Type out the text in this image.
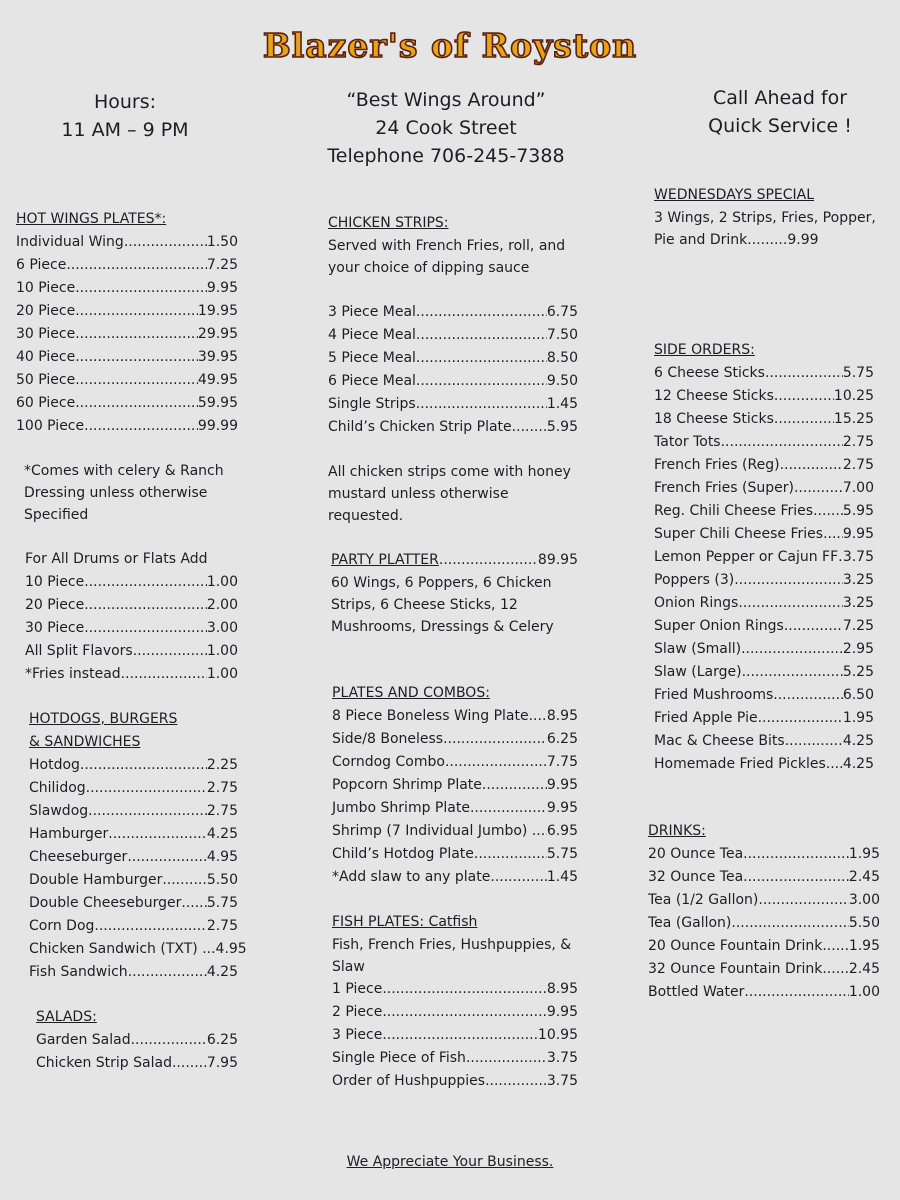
Blazer's of Royston
Hours:
11 AM – 9 PM
“Best Wings Around”
24 Cook Street
Telephone 706-245-7388
Call Ahead for
Quick Service !
HOT WINGS PLATES*:
Individual Wing .....	1.50
6 Piece .....	7.25
10 Piece .....	9.95
20 Piece .....	19.95
30 Piece .....	29.95
40 Piece .....	39.95
50 Piece .....	49.95
60 Piece .....	59.95
100 Piece .....	99.99
*Comes with celery & Ranch
Dressing unless otherwise
Specified
For All Drums or Flats Add
10 Piece .....	1.00
20 Piece .....	2.00
30 Piece .....	3.00
All Split Flavors .....	1.00
*Fries instead .....	1.00
HOTDOGS, BURGERS
& SANDWICHES
Hotdog .....	2.25
Chilidog .....	2.75
Slawdog .....	2.75
Hamburger .....	4.25
Cheeseburger .....	4.95
Double Hamburger .....	5.50
Double Cheeseburger ..... 5.75
Corn Dog .....	2.75
Chicken Sandwich (TXT) ... 4.95
Fish Sandwich .....	4.25
SALADS:
Garden Salad .....	6.25
Chicken Strip Salad ..... 7.95
CHICKEN STRIPS:
Served with French Fries, roll, and
your choice of dipping sauce
3 Piece Meal .....	6.75
4 Piece Meal .....	7.50
5 Piece Meal .....	8.50
6 Piece Meal .....	9.50
Single Strips .....	1.45
Child’s Chicken Strip Plate .....	5.95
All chicken strips come with honey
mustard unless otherwise
requested.
PARTY PLATTER .....	89.95
60 Wings, 6 Poppers, 6 Chicken
Strips, 6 Cheese Sticks, 12
Mushrooms, Dressings & Celery
PLATES AND COMBOS:
8 Piece Boneless Wing Plate ..... 8.95
Side/8 Boneless .....	6.25
Corndog Combo .....	7.75
Popcorn Shrimp Plate .....	9.95
Jumbo Shrimp Plate .....	9.95
Shrimp (7 Individual Jumbo) ... ..... 6.95
Child’s Hotdog Plate .....	5.75
*Add slaw to any plate .....	1.45
FISH PLATES: Catfish
Fish, French Fries, Hushpuppies, &
Slaw
1 Piece .....	8.95
2 Piece .....	9.95
3 Piece .....	10.95
Single Piece of Fish .....	3.75
Order of Hushpuppies .....	3.75
WEDNESDAYS SPECIAL
3 Wings, 2 Strips, Fries, Popper,
Pie and Drink.........9.99
SIDE ORDERS:
6 Cheese Sticks .....	5.75
12 Cheese Sticks .....	10.25
18 Cheese Sticks .....	15.25
Tator Tots .....	2.75
French Fries (Reg) .....	2.75
French Fries (Super) .....	7.00
Reg. Chili Cheese Fries ..... 5.95
Super Chili Cheese Fries ..... 9.95
Lemon Pepper or Cajun FF ..... 3.75
Poppers (3) .....	3.25
Onion Rings .....	3.25
Super Onion Rings .....	7.25
Slaw (Small) .....	2.95
Slaw (Large) .....	5.25
Fried Mushrooms .....	6.50
Fried Apple Pie .....	1.95
Mac & Cheese Bits .....	4.25
Homemade Fried Pickles ..... 4.25
DRINKS:
20 Ounce Tea .....	1.95
32 Ounce Tea .....	2.45
Tea (1/2 Gallon) .....	3.00
Tea (Gallon) .....	5.50
20 Ounce Fountain Drink ..... 1.95
32 Ounce Fountain Drink ..... 2.45
Bottled Water .....	1.00
We Appreciate Your Business.
